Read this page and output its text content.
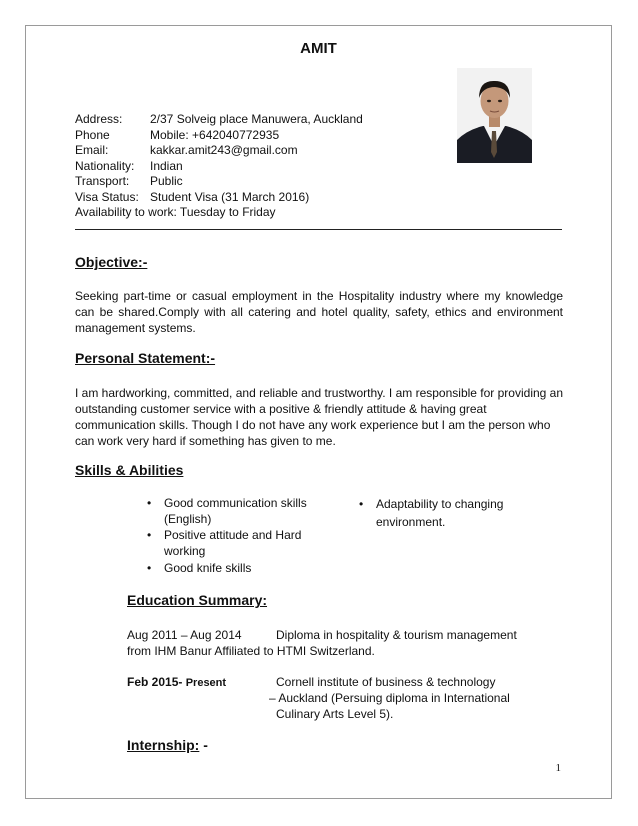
AMIT
Address: 2/37 Solveig place Manuwera, Auckland
Phone	Mobile: +642040772935
Email:	kakkar.amit243@gmail.com
Nationality: Indian
Transport: Public
Visa Status: Student Visa (31 March 2016)
Availability to work: Tuesday to Friday
Objective:-
Seeking part-time or casual employment in the Hospitality industry where my knowledge can be shared.Comply with all catering and hotel quality, safety, ethics and environment management systems.
Personal Statement:-
I am hardworking, committed, and reliable and trustworthy. I am responsible for providing an outstanding customer service with a positive & friendly attitude & having great communication skills. Though I do not have any work experience but I am the person who can work very hard if something has given to me.
Skills & Abilities
• Good communication skills (English)
• Positive attitude and Hard working
• Good knife skills
• Adaptability to changing environment.
Education Summary:
Aug 2011 – Aug 2014	Diploma in hospitality & tourism management
from IHM Banur Affiliated to HTMI Switzerland.
Feb 2015- Present	Cornell institute of business & technology
– Auckland (Persuing diploma in International
Culinary Arts Level 5).
Internship: -
1
